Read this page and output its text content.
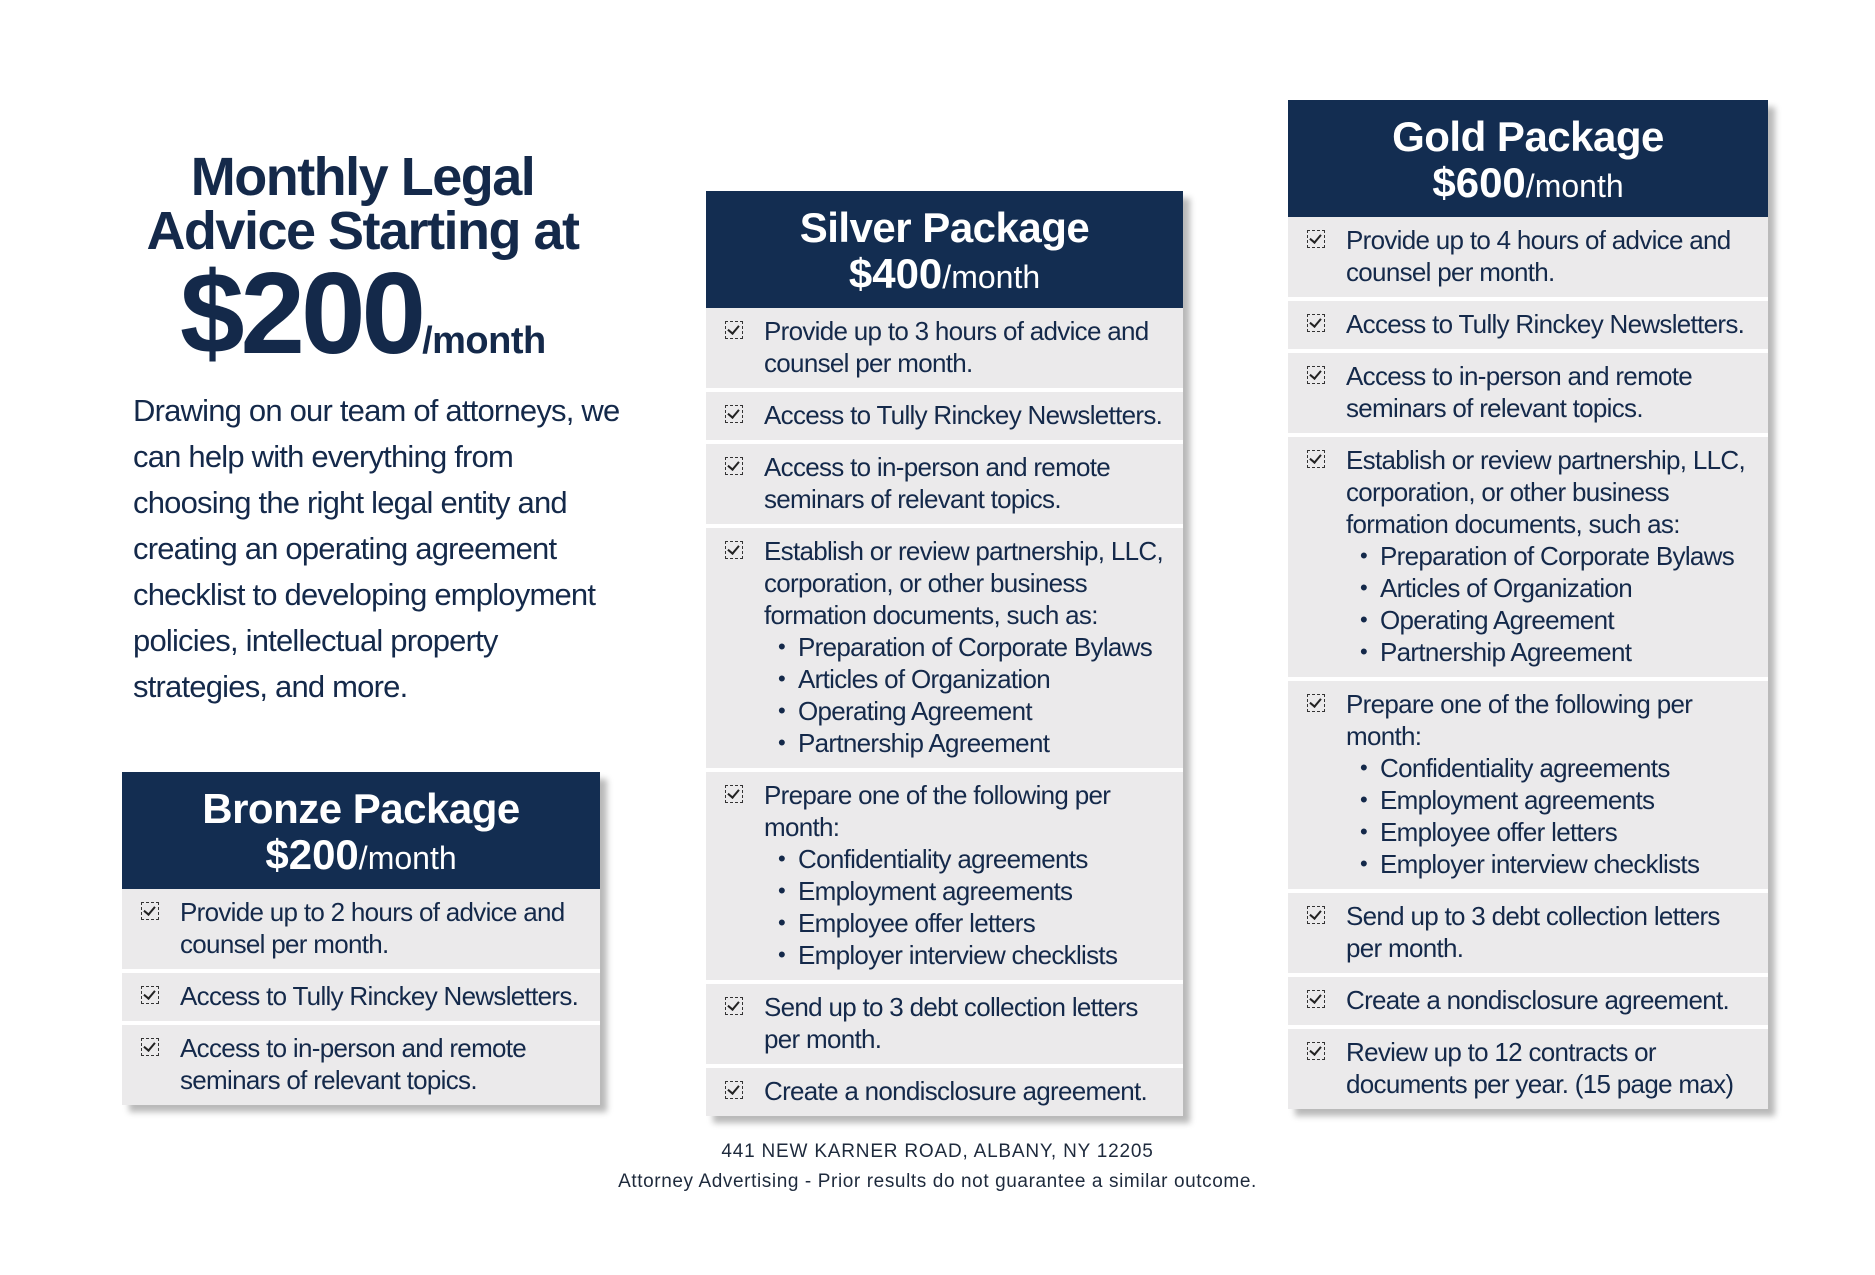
Monthly Legal
Advice Starting at
$200/month
Drawing on our team of attorneys, we can help with everything from choosing the right legal entity and creating an operating agreement checklist to developing employment policies, intellectual property strategies, and more.
Bronze Package
$200/month
Provide up to 2 hours of advice and counsel per month.
Access to Tully Rinckey Newsletters.
Access to in-person and remote seminars of relevant topics.
Silver Package
$400/month
Provide up to 3 hours of advice and counsel per month.
Access to Tully Rinckey Newsletters.
Access to in-person and remote seminars of relevant topics.
Establish or review partnership, LLC, corporation, or other business formation documents, such as:
• Preparation of Corporate Bylaws
• Articles of Organization
• Operating Agreement
• Partnership Agreement
Prepare one of the following per month:
• Confidentiality agreements
• Employment agreements
• Employee offer letters
• Employer interview checklists
Send up to 3 debt collection letters per month.
Create a nondisclosure agreement.
Gold Package
$600/month
Provide up to 4 hours of advice and counsel per month.
Access to Tully Rinckey Newsletters.
Access to in-person and remote seminars of relevant topics.
Establish or review partnership, LLC, corporation, or other business formation documents, such as:
• Preparation of Corporate Bylaws
• Articles of Organization
• Operating Agreement
• Partnership Agreement
Prepare one of the following per month:
• Confidentiality agreements
• Employment agreements
• Employee offer letters
• Employer interview checklists
Send up to 3 debt collection letters per month.
Create a nondisclosure agreement.
Review up to 12 contracts or documents per year. (15 page max)
441 NEW KARNER ROAD, ALBANY, NY 12205
Attorney Advertising - Prior results do not guarantee a similar outcome.
